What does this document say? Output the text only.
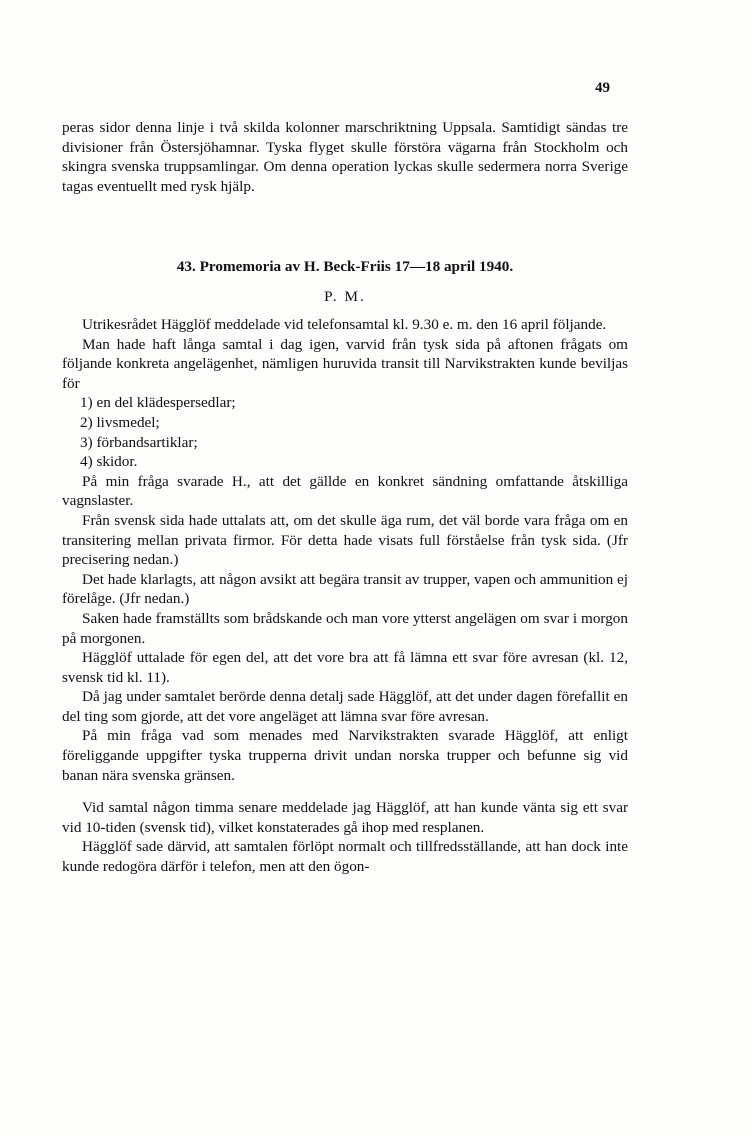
49

peras sidor denna linje i två skilda kolonner marschriktning Uppsala. Samtidigt sändas tre divisioner från Östersjöhamnar. Tyska flyget skulle förstöra vägarna från Stockholm och skingra svenska truppsamlingar. Om denna operation lyckas skulle sedermera norra Sverige tagas eventuellt med rysk hjälp.

43. Promemoria av H. Beck-Friis 17—18 april 1940.
P. M.

Utrikesrådet Hägglöf meddelade vid telefonsamtal kl. 9.30 e. m. den 16 april följande.

Man hade haft långa samtal i dag igen, varvid från tysk sida på aftonen frågats om följande konkreta angelägenhet, nämligen huruvida transit till Narvikstrakten kunde beviljas för

1) en del klädespersedlar;

2) livsmedel;

3) förbandsartiklar;

4) skidor.

På min fråga svarade H., att det gällde en konkret sändning omfattande åtskilliga vagnslaster.

Från svensk sida hade uttalats att, om det skulle äga rum, det väl borde vara fråga om en transitering mellan privata firmor. För detta hade visats full förståelse från tysk sida. (Jfr precisering nedan.)

Det hade klarlagts, att någon avsikt att begära transit av trupper, vapen och ammunition ej förelåge. (Jfr nedan.)

Saken hade framställts som brådskande och man vore ytterst angelägen om svar i morgon på morgonen.

Hägglöf uttalade för egen del, att det vore bra att få lämna ett svar före avresan (kl. 12, svensk tid kl. 11).

Då jag under samtalet berörde denna detalj sade Hägglöf, att det under dagen förefallit en del ting som gjorde, att det vore angeläget att lämna svar före avresan.

På min fråga vad som menades med Narvikstrakten svarade Hägglöf, att enligt föreliggande uppgifter tyska trupperna drivit undan norska trupper och befunne sig vid banan nära svenska gränsen.

Vid samtal någon timma senare meddelade jag Hägglöf, att han kunde vänta sig ett svar vid 10-tiden (svensk tid), vilket konstaterades gå ihop med resplanen.

Hägglöf sade därvid, att samtalen förlöpt normalt och tillfredsställande, att han dock inte kunde redogöra därför i telefon, men att den ögon-
